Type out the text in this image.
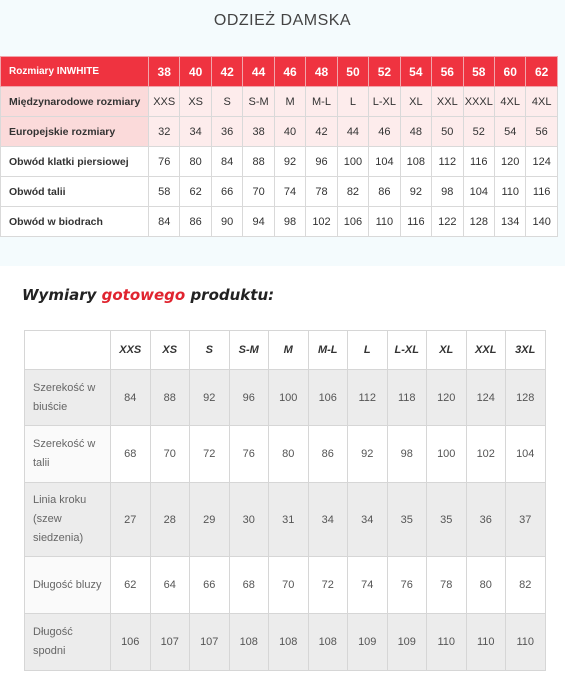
ODZIEŻ DAMSKA
Rozmiary INWHITE	38	40	42	44	46	48	50	52	54	56	58	60	62
Międzynarodowe rozmiary	XXS	XS	S	S-M	M	M-L	L	L-XL	XL	XXL	XXXL	4XL	4XL
Europejskie rozmiary	32	34	36	38	40	42	44	46	48	50	52	54	56
Obwód klatki piersiowej	76	80	84	88	92	96	100	104	108	112	116	120	124
Obwód talii	58	62	66	70	74	78	82	86	92	98	104	110	116
Obwód w biodrach	84	86	90	94	98	102	106	110	116	122	128	134	140
Wymiary gotowego produktu:
	XXS	XS	S	S-M	M	M-L	L	L-XL	XL	XXL	3XL
Szerekość w biuście	84	88	92	96	100	106	112	118	120	124	128
Szerekość w talii	68	70	72	76	80	86	92	98	100	102	104
Linia kroku (szew siedzenia)	27	28	29	30	31	34	34	35	35	36	37
Długość bluzy	62	64	66	68	70	72	74	76	78	80	82
Długość spodni	106	107	107	108	108	108	109	109	110	110	110
